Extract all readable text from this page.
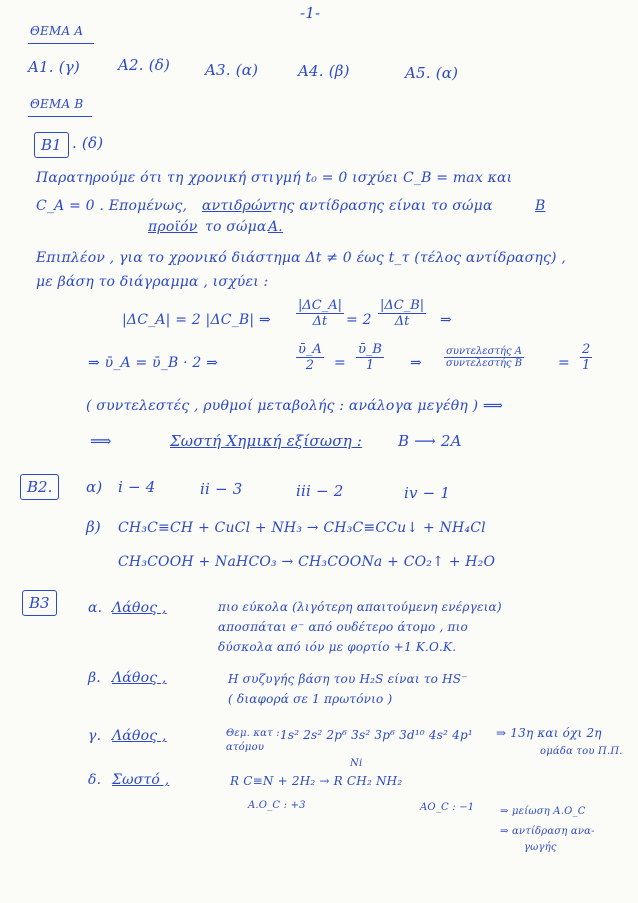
-1-
ΘΕΜΑ Α
Α1. (γ)	Α2. (δ) Α3. (α)	Α4. (β)	Α5. (α)
ΘΕΜΑ Β
Β1 . (δ)
Παρατηρούμε ότι τη χρονική στιγμή t₀ = 0 ισχύει C_B = max και
C_A = 0 . Επομένως, αντιδρών
της αντίδρασης είναι το σώμα	B
προϊόν το σώμα A.
Επιπλέον , για το χρονικό διάστημα Δt ≠ 0 έως t_τ (τέλος αντίδρασης) ,
με βάση το διάγραμμα , ισχύει :
|ΔC_A| = 2 |ΔC_B| ⇒ $\frac{|\Delta C\_A|}{\Delta t} = 2 \frac{|\Delta C\_B|}{\Delta t}$ ⇒
⇒ ῡ_A = ῡ_B · 2 ⇒	$\frac{\text{ῡ\_A}}{2} = \frac{\text{ῡ\_B}}{1}$ ⇒
συντελεστής A
συντελεστής B	= $\frac{2}{1}$
( συντελεστές , ρυθμοί μεταβολής : ανάλογα μεγέθη ) ⟹
⟹	Σωστή Χημική εξίσωση : B ⟶ 2A
Β2.	α) i − 4	ii − 3	iii − 2	iv − 1
β) CH₃C≡CH + CuCl + NH₃ → CH₃C≡CCu↓ + NH₄Cl
CH₃COOH + NaHCO₃ → CH₃COONa + CO₂↑ + H₂O
Β3	α. Λάθος ,	πιο εύκολα (λιγότερη απαιτούμενη ενέργεια)
αποσπάται e⁻ από ουδέτερο άτομο , πιο
δύσκολα από ιόν με φορτίο +1 Κ.Ο.Κ.
β. Λάθος ,	Η συζυγής βάση του H₂S είναι το HS⁻
( διαφορά σε 1 πρωτόνιο )
γ. Λάθος ,	Θεμ. κατ :
ατόμου
1s² 2s² 2p⁶ 3s² 3p⁶ 3d¹⁰ 4s² 4p¹ ⇒ 13η και όχι 2η
ομάδα του Π.Π.
δ. Σωστό ,
Ni
R C≡N + 2H₂ → R CH₂ NH₂
A.O_C : +3	AO_C : −1	⇒ μείωση A.O_C
⇒ αντίδραση ανα-
γωγής
